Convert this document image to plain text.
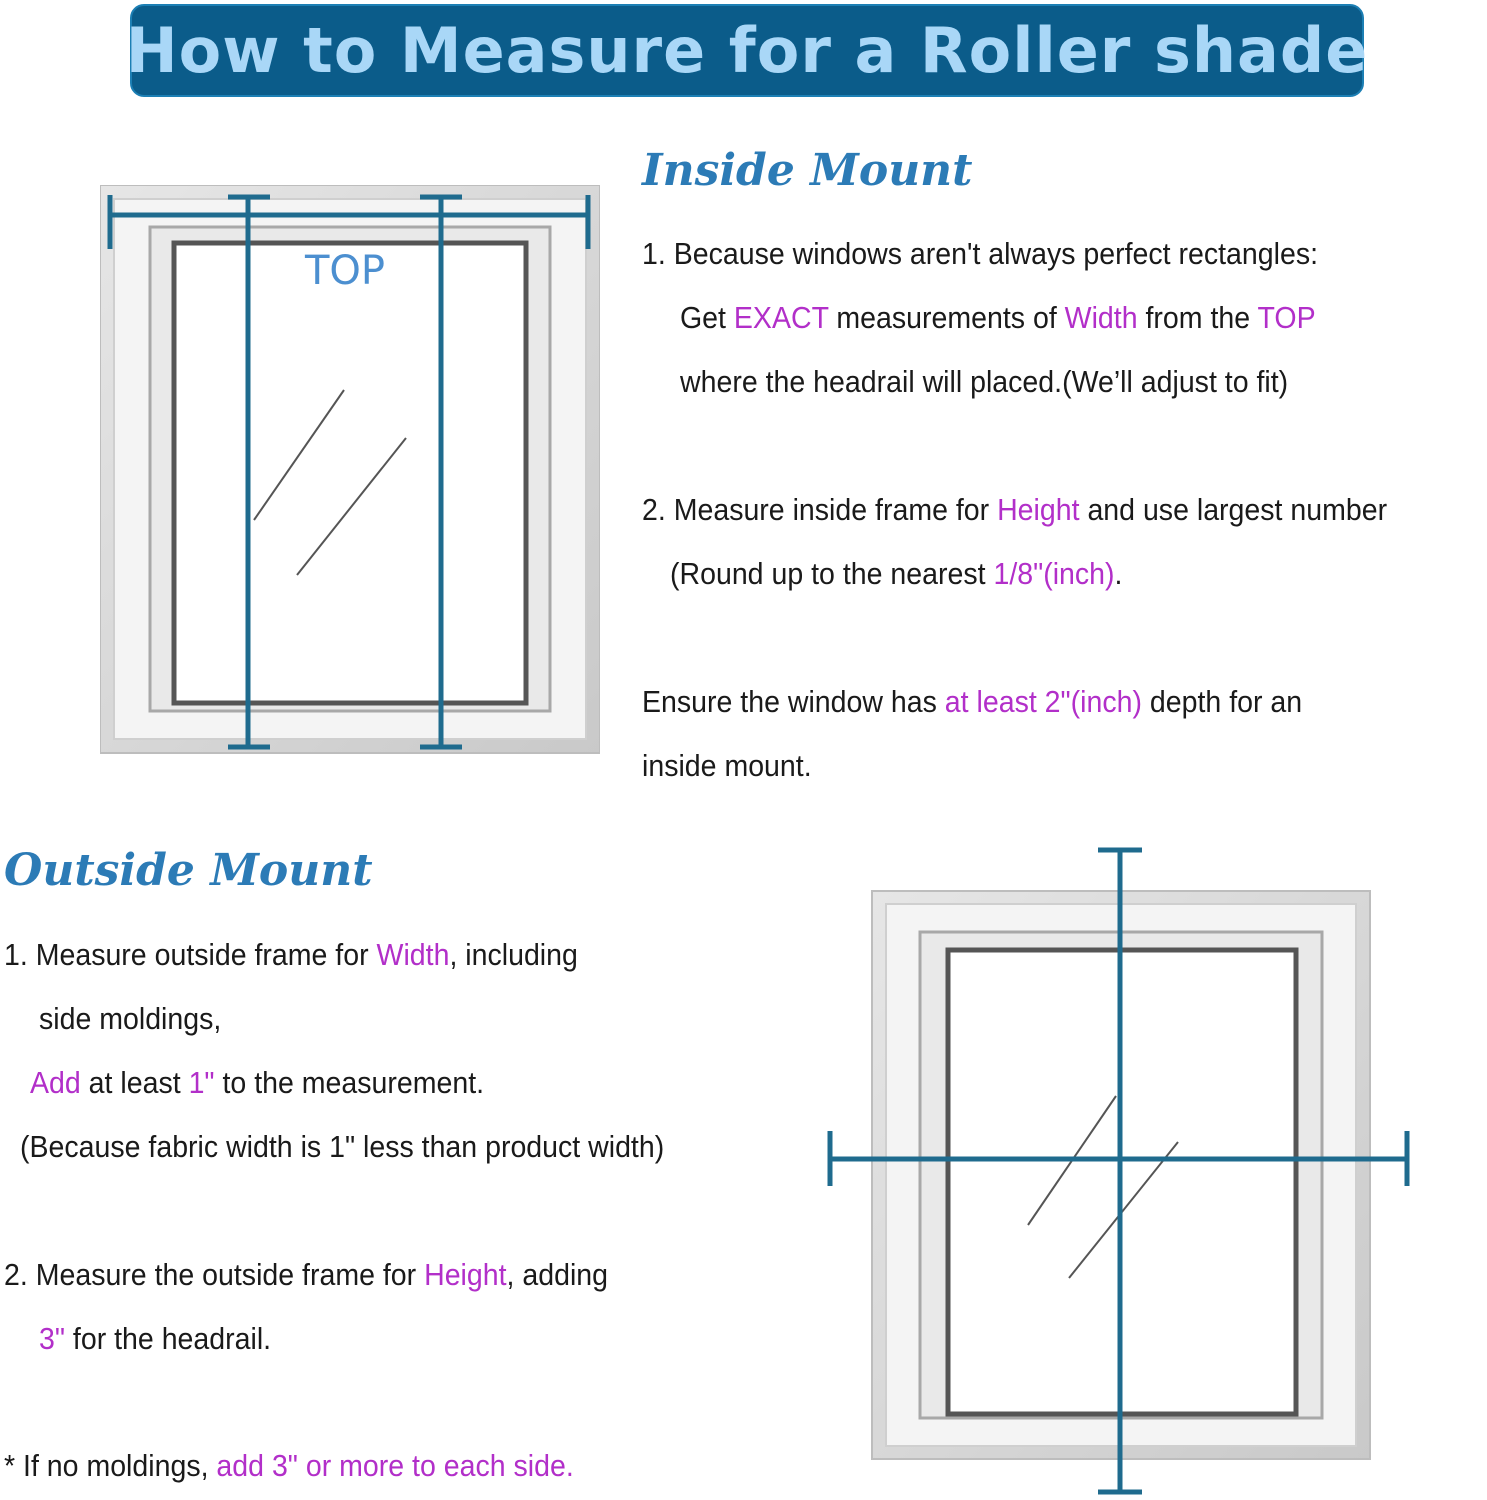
How to Measure for a Roller shade
TOP
Inside Mount
1. Because windows aren't always perfect rectangles:
Get EXACT measurements of Width from the TOP
where the headrail will placed.(We’ll adjust to fit)
2. Measure inside frame for Height and use largest number
(Round up to the nearest 1/8"(inch).
Ensure the window has at least 2"(inch) depth for an
inside mount.
Outside Mount
1. Measure outside frame for Width, including
side moldings,
Add at least 1" to the measurement.
(Because fabric width is 1" less than product width)
2. Measure the outside frame for Height, adding
3" for the headrail.
* If no moldings, add 3" or more to each side.
